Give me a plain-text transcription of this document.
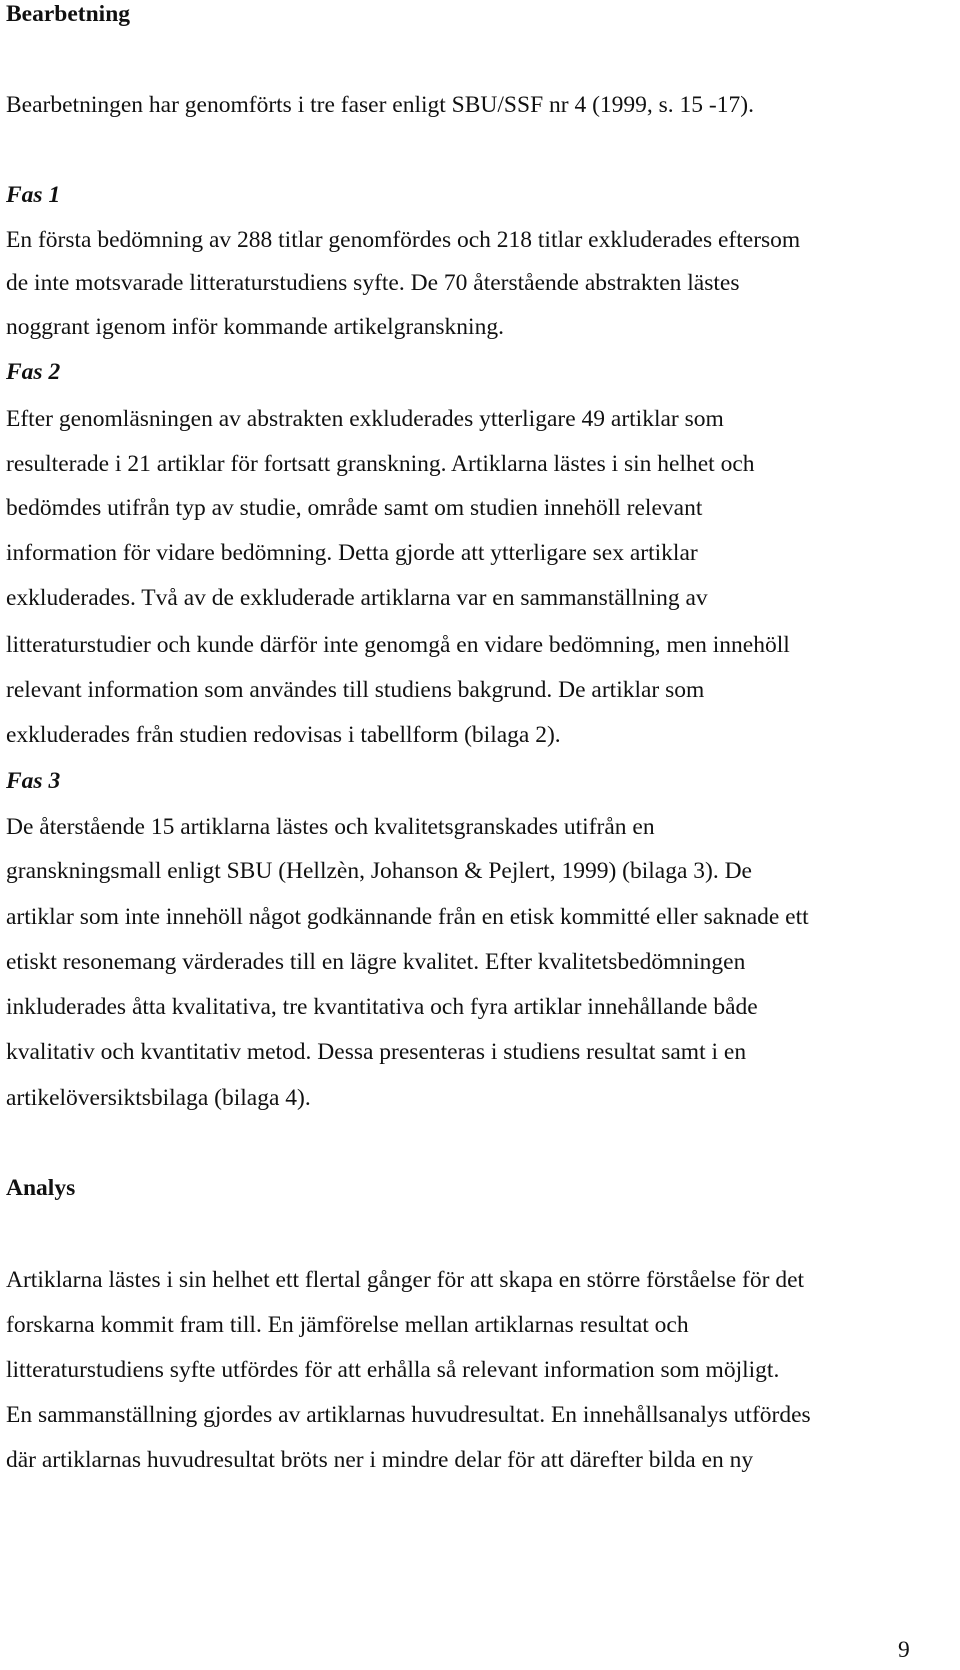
Bearbetning
Bearbetningen har genomförts i tre faser enligt SBU/SSF nr 4 (1999, s. 15 -17).
Fas 1
En första bedömning av 288 titlar genomfördes och 218 titlar exkluderades eftersom
de inte motsvarade litteraturstudiens syfte. De 70 återstående abstrakten lästes
noggrant igenom inför kommande artikelgranskning.
Fas 2
Efter genomläsningen av abstrakten exkluderades ytterligare 49 artiklar som
resulterade i 21 artiklar för fortsatt granskning. Artiklarna lästes i sin helhet och
bedömdes utifrån typ av studie, område samt om studien innehöll relevant
information för vidare bedömning. Detta gjorde att ytterligare sex artiklar
exkluderades. Två av de exkluderade artiklarna var en sammanställning av
litteraturstudier och kunde därför inte genomgå en vidare bedömning, men innehöll
relevant information som användes till studiens bakgrund. De artiklar som
exkluderades från studien redovisas i tabellform (bilaga 2).
Fas 3
De återstående 15 artiklarna lästes och kvalitetsgranskades utifrån en
granskningsmall enligt SBU (Hellzèn, Johanson & Pejlert, 1999) (bilaga 3). De
artiklar som inte innehöll något godkännande från en etisk kommitté eller saknade ett
etiskt resonemang värderades till en lägre kvalitet. Efter kvalitetsbedömningen
inkluderades åtta kvalitativa, tre kvantitativa och fyra artiklar innehållande både
kvalitativ och kvantitativ metod. Dessa presenteras i studiens resultat samt i en
artikelöversiktsbilaga (bilaga 4).
Analys
Artiklarna lästes i sin helhet ett flertal gånger för att skapa en större förståelse för det
forskarna kommit fram till. En jämförelse mellan artiklarnas resultat och
litteraturstudiens syfte utfördes för att erhålla så relevant information som möjligt.
En sammanställning gjordes av artiklarnas huvudresultat. En innehållsanalys utfördes
där artiklarnas huvudresultat bröts ner i mindre delar för att därefter bilda en ny
9
